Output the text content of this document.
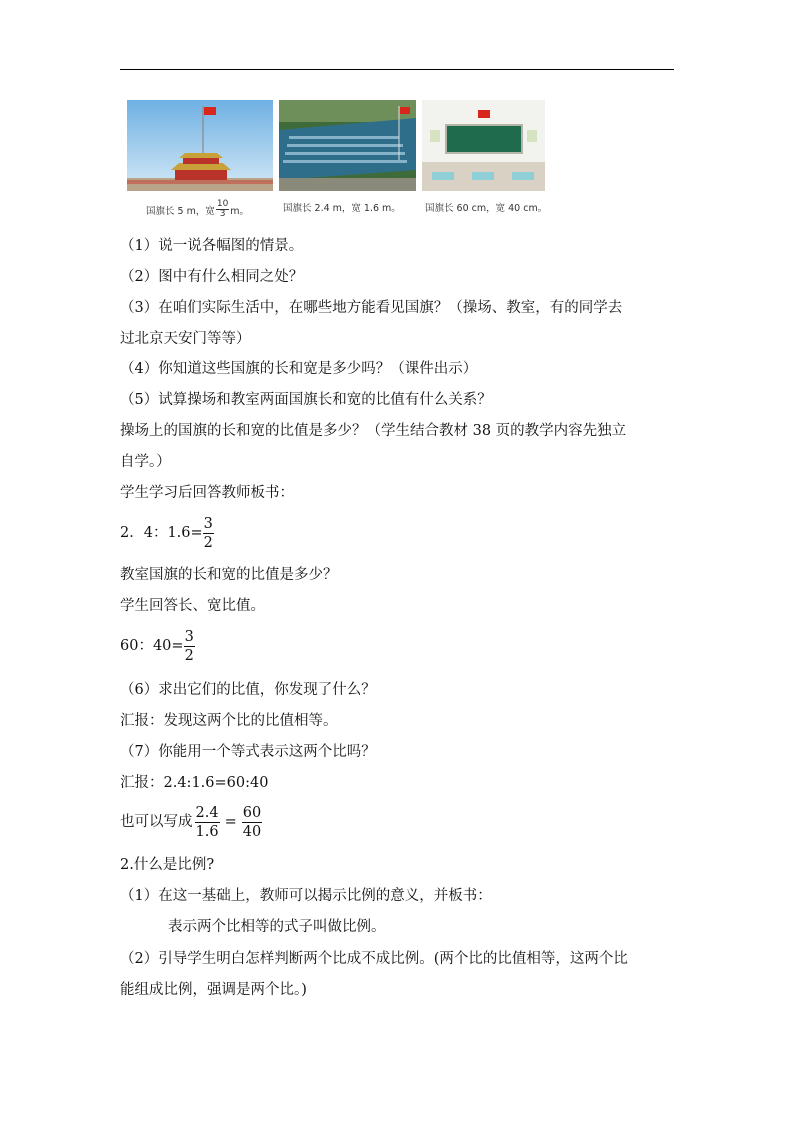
国旗长 5 m，宽 $\frac{10}{3}$ m。	国旗长 2.4 m，宽 1.6 m。	国旗长 60 cm，宽 40 cm。
（1）说一说各幅图的情景。
（2）图中有什么相同之处？
（3）在咱们实际生活中，在哪些地方能看见国旗？（操场、教室，有的同学去
过北京天安门等等）
（4）你知道这些国旗的长和宽是多少吗？（课件出示）
（5）试算操场和教室两面国旗长和宽的比值有什么关系？
操场上的国旗的长和宽的比值是多少？（学生结合教材 38 页的教学内容先独立
自学。）
学生学习后回答教师板书：
2．4：$1.6= \frac{3}{2}$
教室国旗的长和宽的比值是多少？
学生回答长、宽比值。
60：$40= \frac{3}{2}$
（6）求出它们的比值，你发现了什么？
汇报：发现这两个比的比值相等。
（7）你能用一个等式表示这两个比吗？
汇报：2.4:1.6=60:40
也可以写成 $\frac{2.4}{1.6} = \frac{60}{40}$
2.什么是比例?
（1）在这一基础上，教师可以揭示比例的意义，并板书：
表示两个比相等的式子叫做比例。
（2）引导学生明白怎样判断两个比成不成比例。(两个比的比值相等，这两个比
能组成比例，强调是两个比。)
